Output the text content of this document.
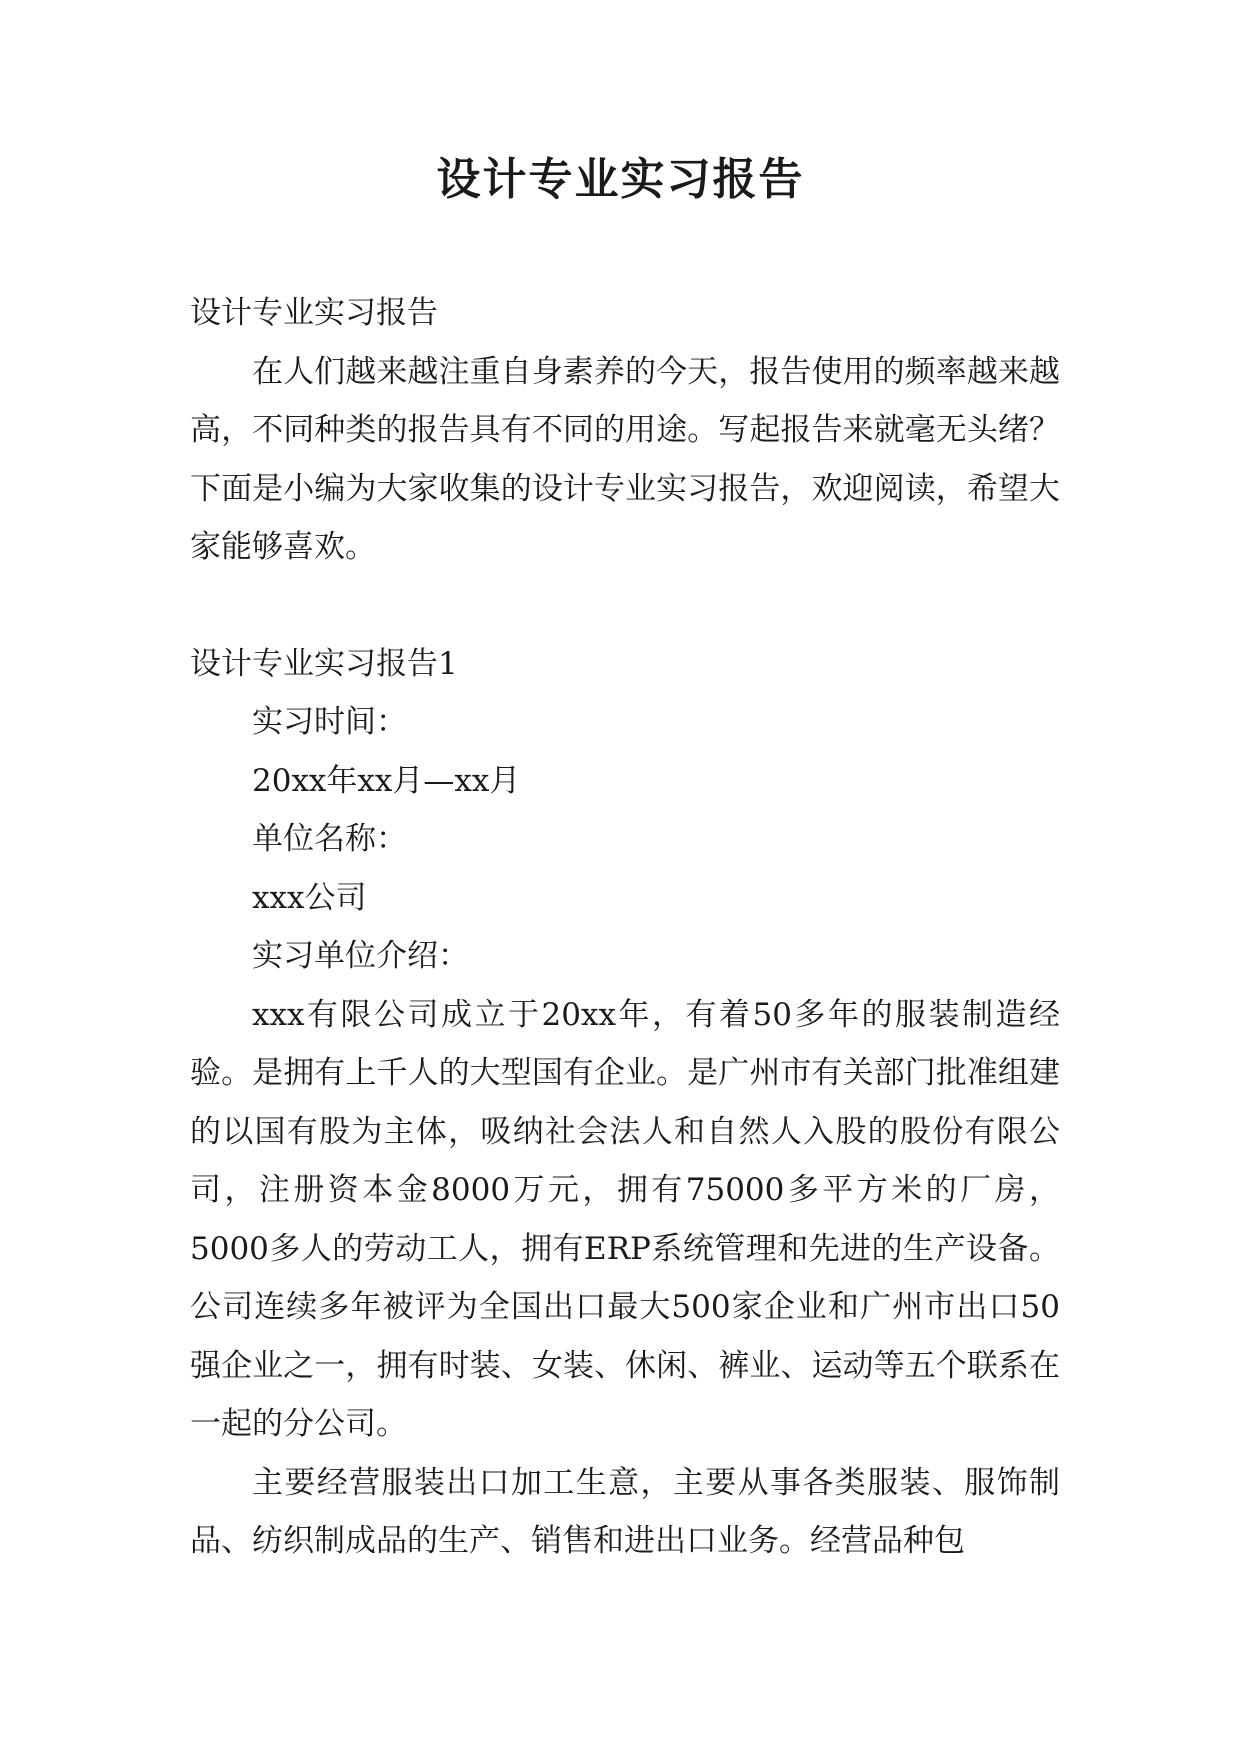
设计专业实习报告

设计专业实习报告

在人们越来越注重自身素养的今天，报告使用的频率越来越高，不同种类的报告具有不同的用途。写起报告来就毫无头绪？下面是小编为大家收集的设计专业实习报告，欢迎阅读，希望大家能够喜欢。

设计专业实习报告1

实习时间：

20xx年xx月—xx月

单位名称：

xxx公司

实习单位介绍：

xxx有限公司成立于20xx年，有着50多年的服装制造经验。是拥有上千人的大型国有企业。是广州市有关部门批准组建的以国有股为主体，吸纳社会法人和自然人入股的股份有限公司，注册资本金8000万元，拥有75000多平方米的厂房，5000多人的劳动工人，拥有ERP系统管理和先进的生产设备。公司连续多年被评为全国出口最大500家企业和广州市出口50强企业之一，拥有时装、女装、休闲、裤业、运动等五个联系在一起的分公司。

主要经营服装出口加工生意，主要从事各类服装、服饰制品、纺织制成品的生产、销售和进出口业务。经营品种包
